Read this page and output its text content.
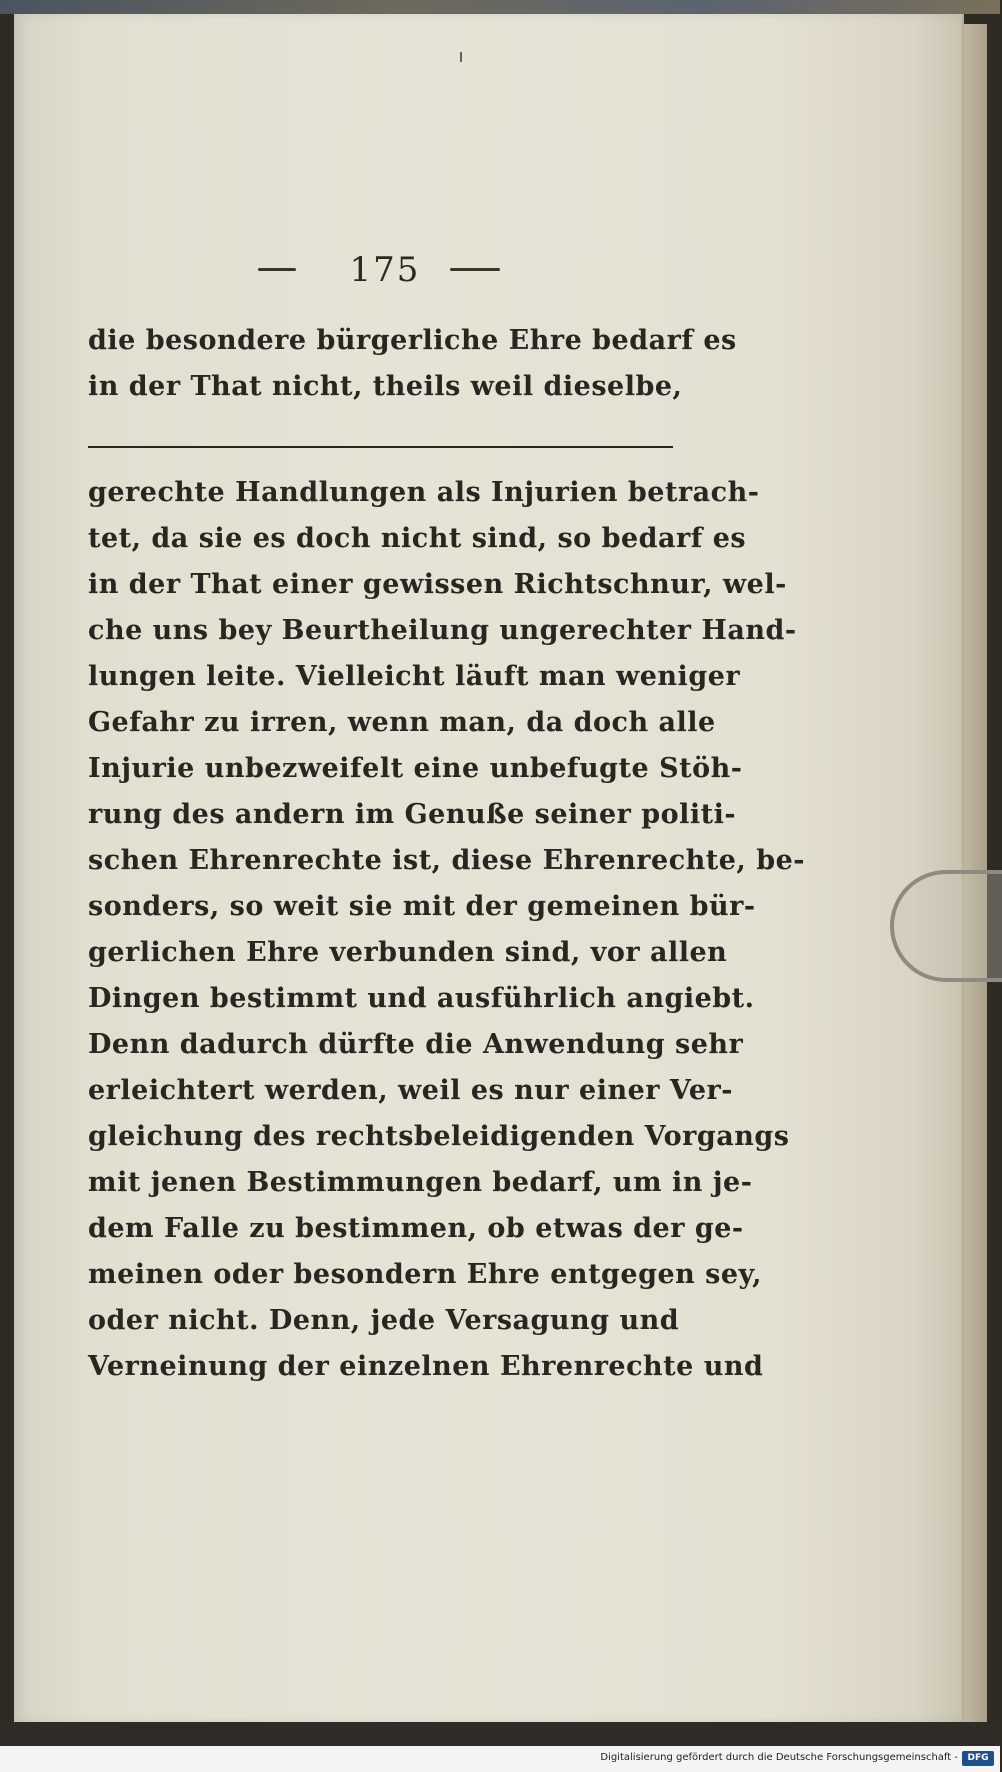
175
die besondere bürgerliche Ehre bedarf es
in der That nicht, theils weil dieselbe,
gerechte Handlungen als Injurien betrach-
tet, da sie es doch nicht sind, so bedarf es
in der That einer gewissen Richtschnur, wel-
che uns bey Beurtheilung ungerechter Hand-
lungen leite. Vielleicht läuft man weniger
Gefahr zu irren, wenn man, da doch alle
Injurie unbezweifelt eine unbefugte Stöh-
rung des andern im Genuße seiner politi-
schen Ehrenrechte ist, diese Ehrenrechte, be-
sonders, so weit sie mit der gemeinen bür-
gerlichen Ehre verbunden sind, vor allen
Dingen bestimmt und ausführlich angiebt.
Denn dadurch dürfte die Anwendung sehr
erleichtert werden, weil es nur einer Ver-
gleichung des rechtsbeleidigenden Vorgangs
mit jenen Bestimmungen bedarf, um in je-
dem Falle zu bestimmen, ob etwas der ge-
meinen oder besondern Ehre entgegen sey,
oder nicht. Denn, jede Versagung und
Verneinung der einzelnen Ehrenrechte und
Digitalisierung gefördert durch die Deutsche Forschungsgemeinschaft -	DFG
